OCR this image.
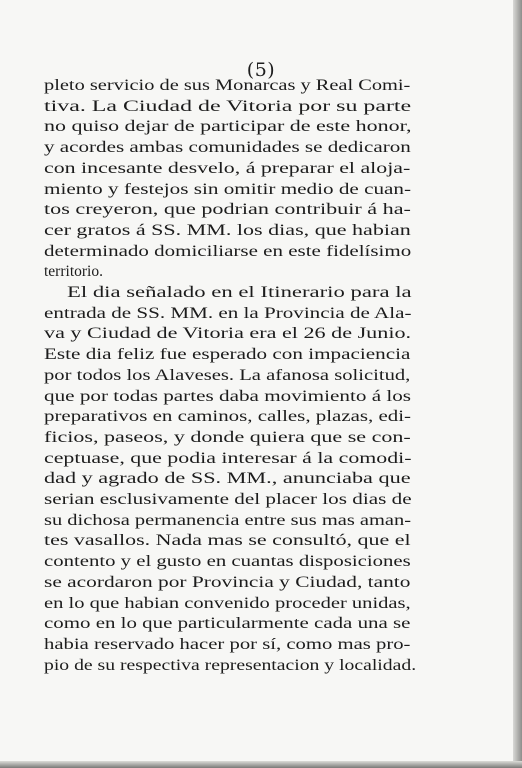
(5)
pleto servicio de sus Monarcas y Real Comi-
tiva. La Ciudad de Vitoria por su parte
no quiso dejar de participar de este honor,
y acordes ambas comunidades se dedicaron
con incesante desvelo, á preparar el aloja-
miento y festejos sin omitir medio de cuan-
tos creyeron, que podrian contribuir á ha-
cer gratos á SS. MM. los dias, que habian
determinado domiciliarse en este fidelísimo
territorio.
El dia señalado en el Itinerario para la
entrada de SS. MM. en la Provincia de Ala-
va y Ciudad de Vitoria era el 26 de Junio.
Este dia feliz fue esperado con impaciencia
por todos los Alaveses. La afanosa solicitud,
que por todas partes daba movimiento á los
preparativos en caminos, calles, plazas, edi-
ficios, paseos, y donde quiera que se con-
ceptuase, que podia interesar á la comodi-
dad y agrado de SS. MM., anunciaba que
serian esclusivamente del placer los dias de
su dichosa permanencia entre sus mas aman-
tes vasallos. Nada mas se consultó, que el
contento y el gusto en cuantas disposiciones
se acordaron por Provincia y Ciudad, tanto
en lo que habian convenido proceder unidas,
como en lo que particularmente cada una se
habia reservado hacer por sí, como mas pro-
pio de su respectiva representacion y localidad.
